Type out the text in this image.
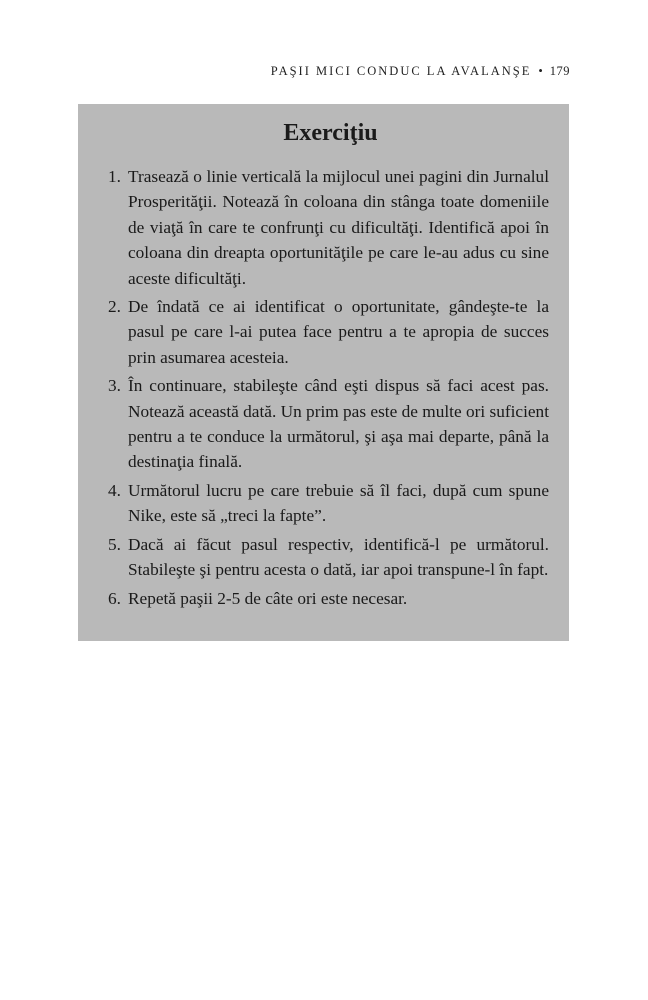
PAŞII MICI CONDUC LA AVALANŞE • 179
Exerciţiu
1. Trasează o linie verticală la mijlocul unei pagini din Jurnalul Prosperităţii. Notează în coloana din stânga toate domeniile de viaţă în care te confrunţi cu dificultăţi. Identifică apoi în coloana din dreapta oportunităţile pe care le-au adus cu sine aceste dificultăţi.
2. De îndată ce ai identificat o oportunitate, gândeşte-te la pasul pe care l-ai putea face pentru a te apropia de succes prin asumarea acesteia.
3. În continuare, stabileşte când eşti dispus să faci acest pas. Notează această dată. Un prim pas este de multe ori suficient pentru a te conduce la următorul, şi aşa mai departe, până la destinaţia finală.
4. Următorul lucru pe care trebuie să îl faci, după cum spune Nike, este să „treci la fapte”.
5. Dacă ai făcut pasul respectiv, identifică-l pe următorul. Stabileşte şi pentru acesta o dată, iar apoi transpune-l în fapt.
6. Repetă paşii 2-5 de câte ori este necesar.
